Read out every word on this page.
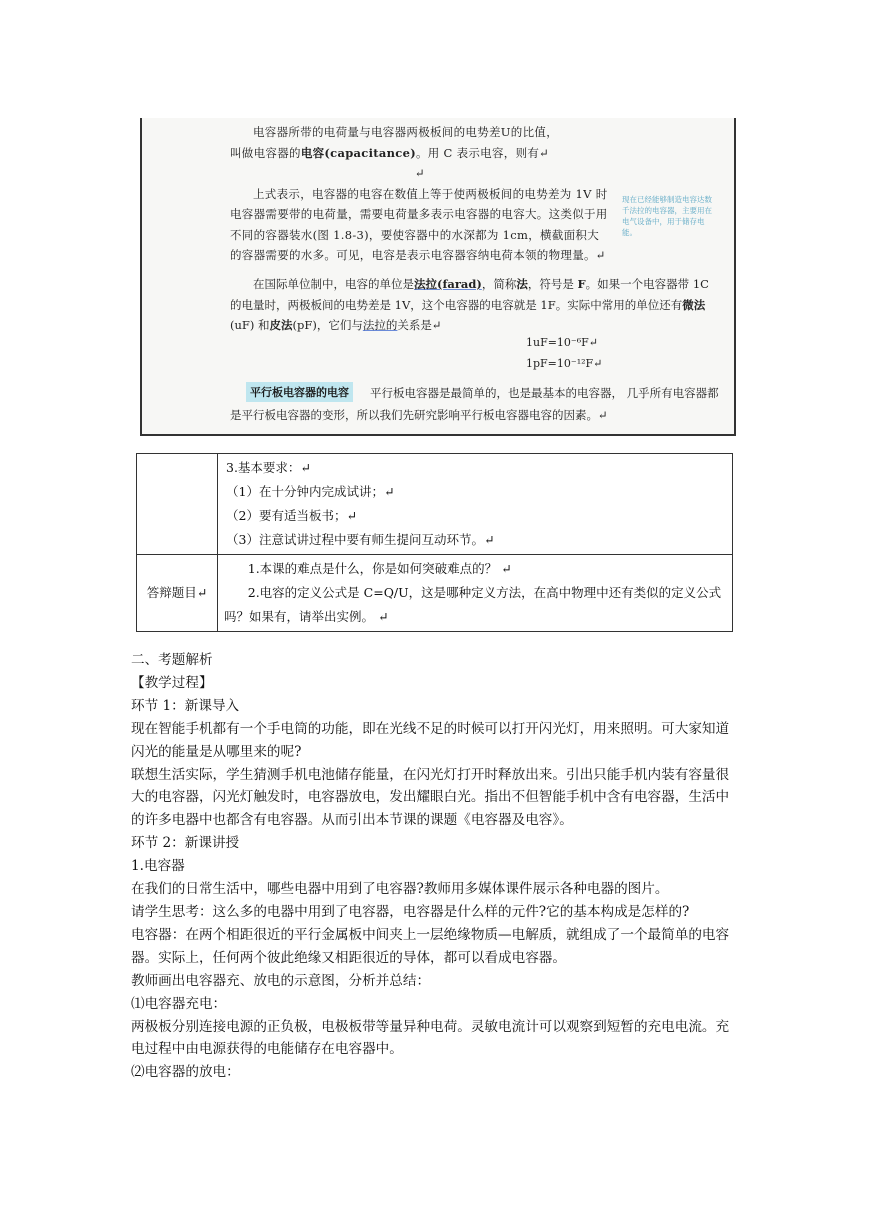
电容器所带的电荷量与电容器两极板间的电势差U的比值，

叫做电容器的电容(capacitance)。用 C 表示电容，则有↵

↵

上式表示，电容器的电容在数值上等于使两极板间的电势差为 1V 时电容器需要带的电荷量，需要电荷量多表示电容器的电容大。这类似于用不同的容器装水(图 1.8-3)，要使容器中的水深都为 1cm，横截面积大的容器需要的水多。可见，电容是表示电容器容纳电荷本领的物理量。↵

现在已经能够制造电容达数千法拉的电容器，主要用在电气设备中，用于储存电能。

在国际单位制中，电容的单位是法拉(farad)，简称法，符号是 F。如果一个电容器带 1C 的电量时，两极板间的电势差是 1V，这个电容器的电容就是 1F。实际中常用的单位还有微法(uF) 和皮法(pF)，它们与法拉的关系是↵

1uF=10⁻⁶F↵
1pF=10⁻¹²F↵
平行板电容器是最简单的，也是最基本的电容器， 几乎所有电容器都是平行板电容器的变形，所以我们先研究影响平行板电容器电容的因素。↵
平行板电容器的电容

	3.基本要求：↵
（1）在十分钟内完成试讲；↵
（2）要有适当板书；↵
（3）注意试讲过程中要有师生提问互动环节。↵

答辩题目↵	1.本课的难点是什么，你是如何突破难点的？ ↵
2.电容的定义公式是 C=Q/U，这是哪种定义方法，在高中物理中还有类似的定义公式吗？如果有，请举出实例。 ↵

二、考题解析

【教学过程】

环节 1：新课导入

现在智能手机都有一个手电筒的功能，即在光线不足的时候可以打开闪光灯，用来照明。可大家知道闪光的能量是从哪里来的呢?

联想生活实际，学生猜测手机电池储存能量，在闪光灯打开时释放出来。引出只能手机内装有容量很大的电容器，闪光灯触发时，电容器放电，发出耀眼白光。指出不但智能手机中含有电容器，生活中的许多电器中也都含有电容器。从而引出本节课的课题《电容器及电容》。

环节 2：新课讲授

1.电容器

在我们的日常生活中，哪些电器中用到了电容器?教师用多媒体课件展示各种电器的图片。

请学生思考：这么多的电器中用到了电容器，电容器是什么样的元件?它的基本构成是怎样的?

电容器：在两个相距很近的平行金属板中间夹上一层绝缘物质—电解质，就组成了一个最简单的电容器。实际上，任何两个彼此绝缘又相距很近的导体，都可以看成电容器。

教师画出电容器充、放电的示意图，分析并总结：

⑴电容器充电：

两极板分别连接电源的正负极，电极板带等量异种电荷。灵敏电流计可以观察到短暂的充电电流。充电过程中由电源获得的电能储存在电容器中。

⑵电容器的放电：
